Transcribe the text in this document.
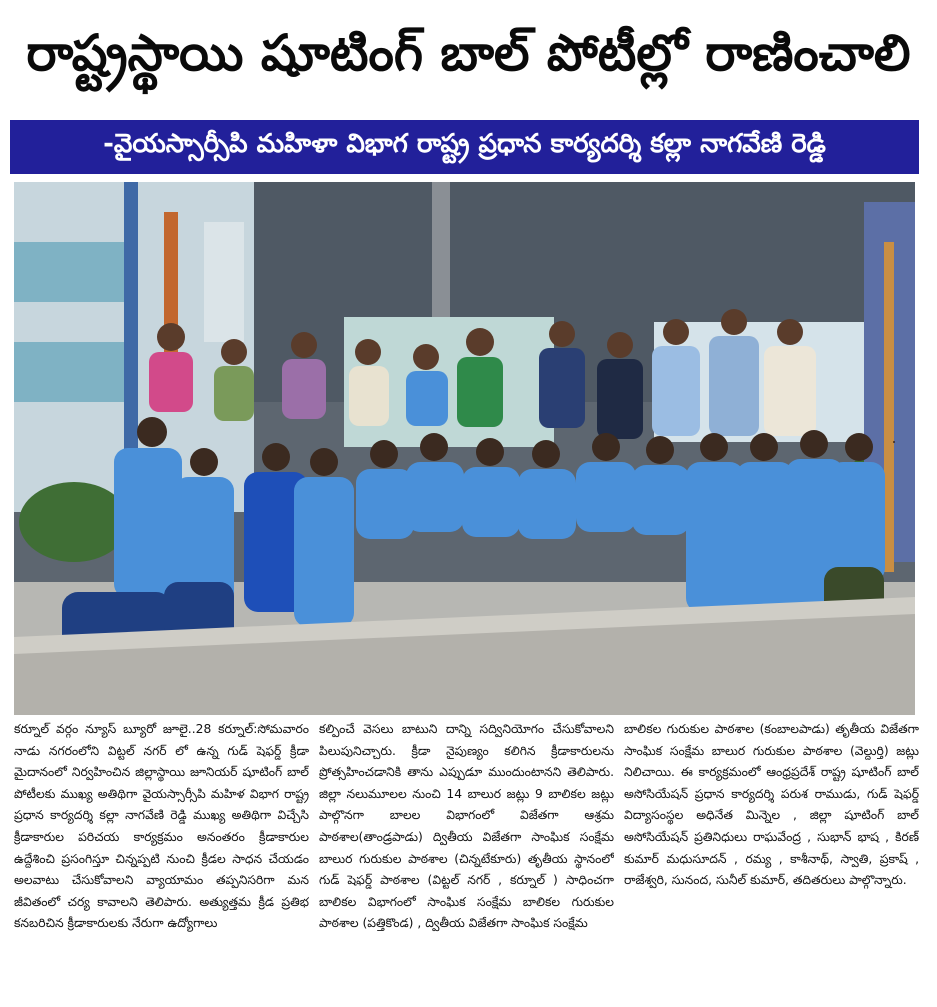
రాష్ట్రస్థాయి షూటింగ్ బాల్ పోటీల్లో రాణించాలి
-వైయస్సార్సీపి మహిళా విభాగ రాష్ట్ర ప్రధాన కార్యదర్శి కల్లా నాగవేణి రెడ్డి

కర్నూల్ వర్గం న్యూస్ బ్యూరో జూలై..28 కర్నూల్:సోమవారం నాడు నగరంలోని విట్టల్ నగర్ లో ఉన్న గుడ్ షెఫర్డ్ క్రీడా మైదానంలో నిర్వహించిన జిల్లాస్థాయి జూనియర్ షూటింగ్ బాల్ పోటీలకు ముఖ్య అతిథిగా వైయస్సార్సీపి మహిళ విభాగ రాష్ట్ర ప్రధాన కార్యదర్శి కల్లా నాగవేణి రెడ్డి ముఖ్య అతిథిగా విచ్చేసి క్రీడాకారుల పరిచయ కార్యక్రమం అనంతరం క్రీడాకారుల ఉద్దేశించి ప్రసంగిస్తూ చిన్నప్పటి నుంచి క్రీడల సాధన చేయడం అలవాటు చేసుకోవాలని వ్యాయామం తప్పనిసరిగా మన జీవితంలో చర్య కావాలని తెలిపారు. అత్యుత్తమ క్రీడ ప్రతిభ కనబరిచిన క్రీడాకారులకు నేరుగా ఉద్యోగాలు

కల్పించే వెసలు బాటుని దాన్ని సద్వినియోగం చేసుకోవాలని పిలుపునిచ్చారు. క్రీడా నైపుణ్యం కలిగిన క్రీడాకారులను ప్రోత్సహించడానికి తాను ఎప్పుడూ ముందుంటానని తెలిపారు. జిల్లా నలుమూలల నుంచి 14 బాలుర జట్లు 9 బాలికల జట్లు పాల్గొనగా బాలల విభాగంలో విజేతగా ఆశ్రమ పాఠశాల(తాండ్రపాడు) ద్వితీయ విజేతగా సాంఘిక సంక్షేమ బాలుర గురుకుల పాఠశాల (చిన్నటేకూరు) తృతీయ స్థానంలో గుడ్ షెఫర్డ్ పాఠశాల (విట్టల్ నగర్ , కర్నూల్ ) సాధించగా బాలికల విభాగంలో సాంఘిక సంక్షేమ బాలికల గురుకుల పాఠశాల (పత్తికొండ) , ద్వితీయ విజేతగా సాంఘిక సంక్షేమ

బాలికల గురుకుల పాఠశాల (కంబాలపాడు) తృతీయ విజేతగా సాంఘిక సంక్షేమ బాలుర గురుకుల పాఠశాల (వెల్దుర్తి) జట్లు నిలిచాయి. ఈ కార్యక్రమంలో ఆంధ్రప్రదేశ్ రాష్ట్ర షూటింగ్ బాల్ అసోసియేషన్ ప్రధాన కార్యదర్శి పరుశ రాముడు, గుడ్ షెఫర్డ్ విద్యాసంస్థల అధినేత మిన్నెల , జిల్లా షూటింగ్ బాల్ అసోసియేషన్ ప్రతినిధులు రాఘవేంద్ర , సుభాన్ భాష , కిరణ్ కుమార్ మధుసూదన్ , రమ్య , కాశీనాథ్, స్వాతి, ప్రకాష్ , రాజేశ్వరి, సునంద, సునీల్ కుమార్, తదితరులు పాల్గొన్నారు.
